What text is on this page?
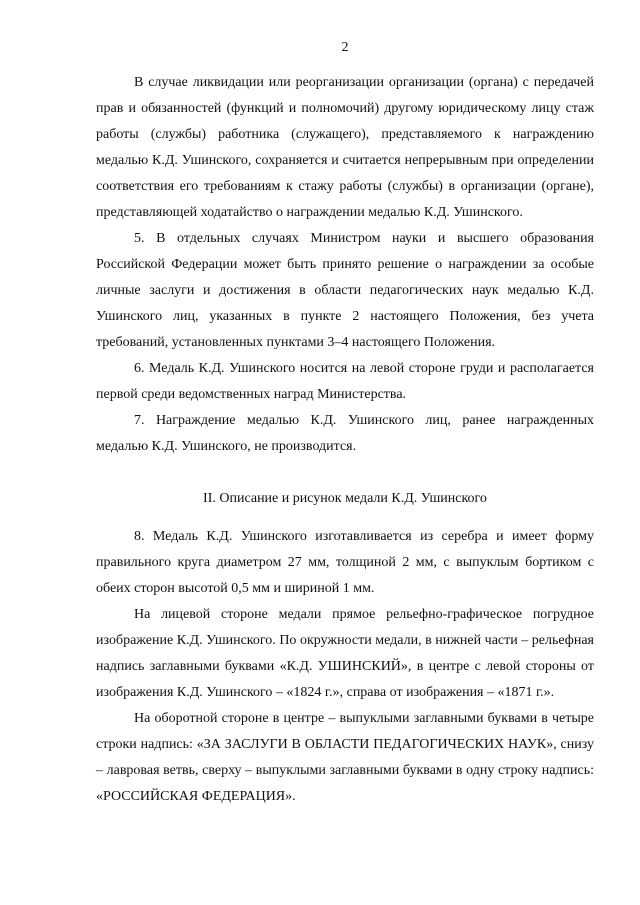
2

В случае ликвидации или реорганизации организации (органа) с передачей прав и обязанностей (функций и полномочий) другому юридическому лицу стаж работы (службы) работника (служащего), представляемого к награждению медалью К.Д. Ушинского, сохраняется и считается непрерывным при определении соответствия его требованиям к стажу работы (службы) в организации (органе), представляющей ходатайство о награждении медалью К.Д. Ушинского.

5. В отдельных случаях Министром науки и высшего образования Российской Федерации может быть принято решение о награждении за особые личные заслуги и достижения в области педагогических наук медалью К.Д. Ушинского лиц, указанных в пункте 2 настоящего Положения, без учета требований, установленных пунктами 3–4 настоящего Положения.

6. Медаль К.Д. Ушинского носится на левой стороне груди и располагается первой среди ведомственных наград Министерства.

7. Награждение медалью К.Д. Ушинского лиц, ранее награжденных медалью К.Д. Ушинского, не производится.

II. Описание и рисунок медали К.Д. Ушинского

8. Медаль К.Д. Ушинского изготавливается из серебра и имеет форму правильного круга диаметром 27 мм, толщиной 2 мм, с выпуклым бортиком с обеих сторон высотой 0,5 мм и шириной 1 мм.

На лицевой стороне медали прямое рельефно-графическое погрудное изображение К.Д. Ушинского. По окружности медали, в нижней части – рельефная надпись заглавными буквами «К.Д. УШИНСКИЙ», в центре с левой стороны от изображения К.Д. Ушинского – «1824 г.», справа от изображения – «1871 г.».

На оборотной стороне в центре – выпуклыми заглавными буквами в четыре строки надпись: «ЗА ЗАСЛУГИ В ОБЛАСТИ ПЕДАГОГИЧЕСКИХ НАУК», снизу – лавровая ветвь, сверху – выпуклыми заглавными буквами в одну строку надпись: «РОССИЙСКАЯ ФЕДЕРАЦИЯ».
